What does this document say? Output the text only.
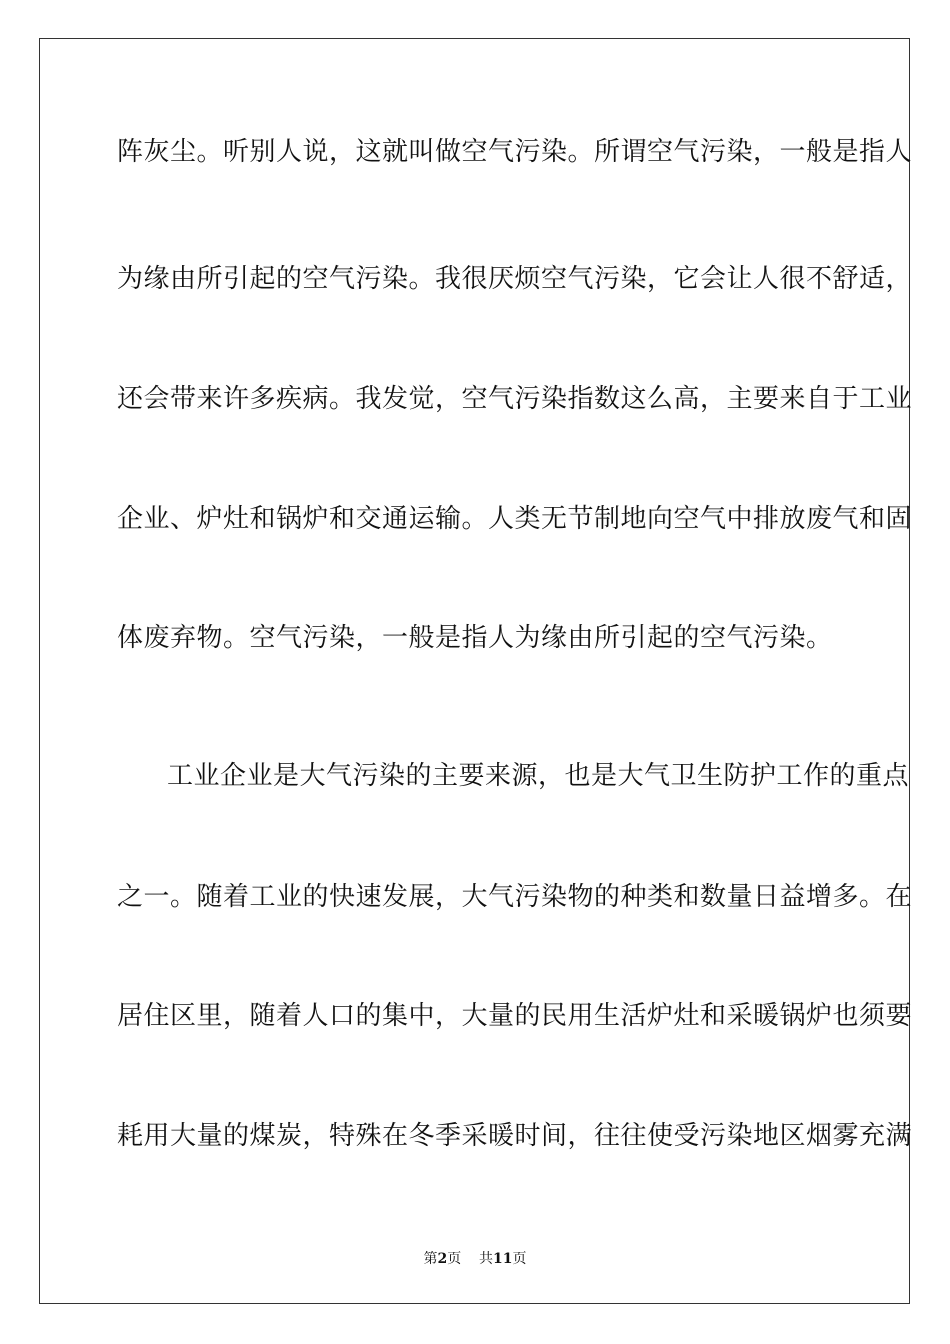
阵灰尘。听别人说，这就叫做空气污染。所谓空气污染，一般是指人
为缘由所引起的空气污染。我很厌烦空气污染，它会让人很不舒适，
还会带来许多疾病。我发觉，空气污染指数这么高，主要来自于工业
企业、炉灶和锅炉和交通运输。人类无节制地向空气中排放废气和固
体废弃物。空气污染，一般是指人为缘由所引起的空气污染。
工业企业是大气污染的主要来源，也是大气卫生防护工作的重点
之一。随着工业的快速发展，大气污染物的种类和数量日益增多。在
居住区里，随着人口的集中，大量的民用生活炉灶和采暖锅炉也须要
耗用大量的煤炭，特殊在冬季采暖时间，往往使受污染地区烟雾充满
第2页 共11页
